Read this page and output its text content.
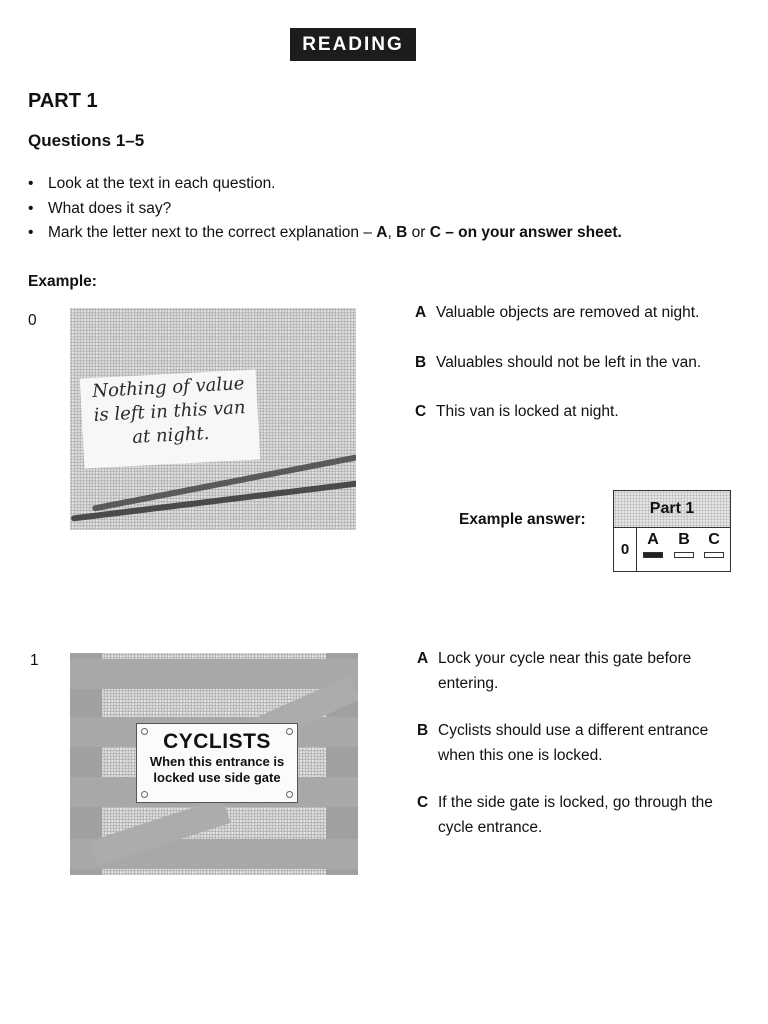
READING
PART 1
Questions 1–5
• Look at the text in each question.
• What does it say?
• Mark the letter next to the correct explanation – A, B or C – on your answer sheet.
Example:
0
Nothing of value
is left in this van
at night.
A Valuable objects are removed at night.
B Valuables should not be left in the van.
C This van is locked at night.
Example answer:
Part 1
0
A	B	C
1
CYCLISTS
When this entrance is
locked use side gate
A Lock your cycle near this gate before entering.
B Cyclists should use a different entrance when this one is locked.
C If the side gate is locked, go through the cycle entrance.
